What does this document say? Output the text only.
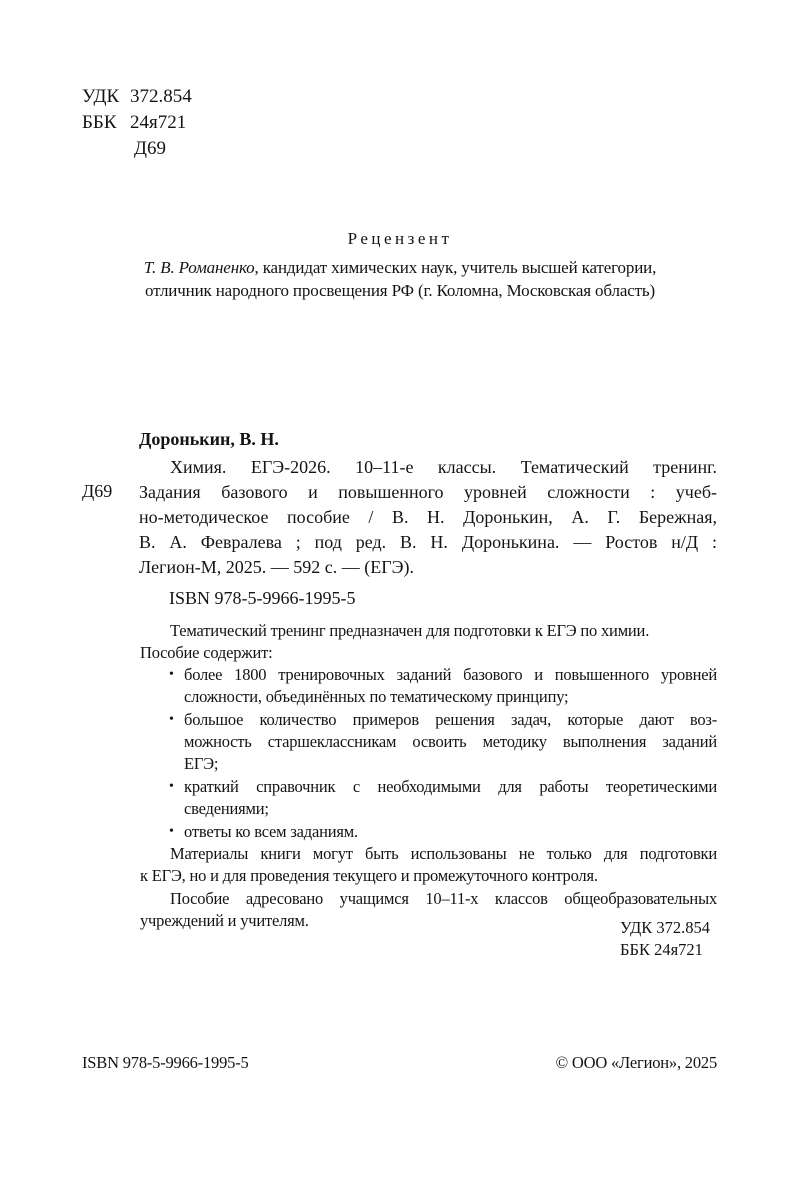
УДК 372.854
ББК 24я721
Д69
Рецензент
Т. В. Романенко, кандидат химических наук, учитель высшей категории,
отличник народного просвещения РФ (г. Коломна, Московская область)
Доронькин, В. Н.
Д69
Химия. ЕГЭ-2026. 10–11-е классы. Тематический тренинг.
Задания базового и повышенного уровней сложности : учеб-
но-методическое пособие / В. Н. Доронькин, А. Г. Бережная,
В. А. Февралева ; под ред. В. Н. Доронькина. — Ростов н/Д :
Легион-М, 2025. — 592 с. — (ЕГЭ).
ISBN 978-5-9966-1995-5
Тематический тренинг предназначен для подготовки к ЕГЭ по химии.
Пособие содержит:
• более 1800 тренировочных заданий базового и повышенного уровней
сложности, объединённых по тематическому принципу;
• большое количество примеров решения задач, которые дают воз-
можность старшеклассникам освоить методику выполнения заданий
ЕГЭ;
• краткий справочник с необходимыми для работы теоретическими
сведениями;
• ответы ко всем заданиям.
Материалы книги могут быть использованы не только для подготовки
к ЕГЭ, но и для проведения текущего и промежуточного контроля.
Пособие адресовано учащимся 10–11-х классов общеобразовательных
учреждений и учителям.	УДК 372.854
ББК 24я721
ISBN 978-5-9966-1995-5	© ООО «Легион», 2025
